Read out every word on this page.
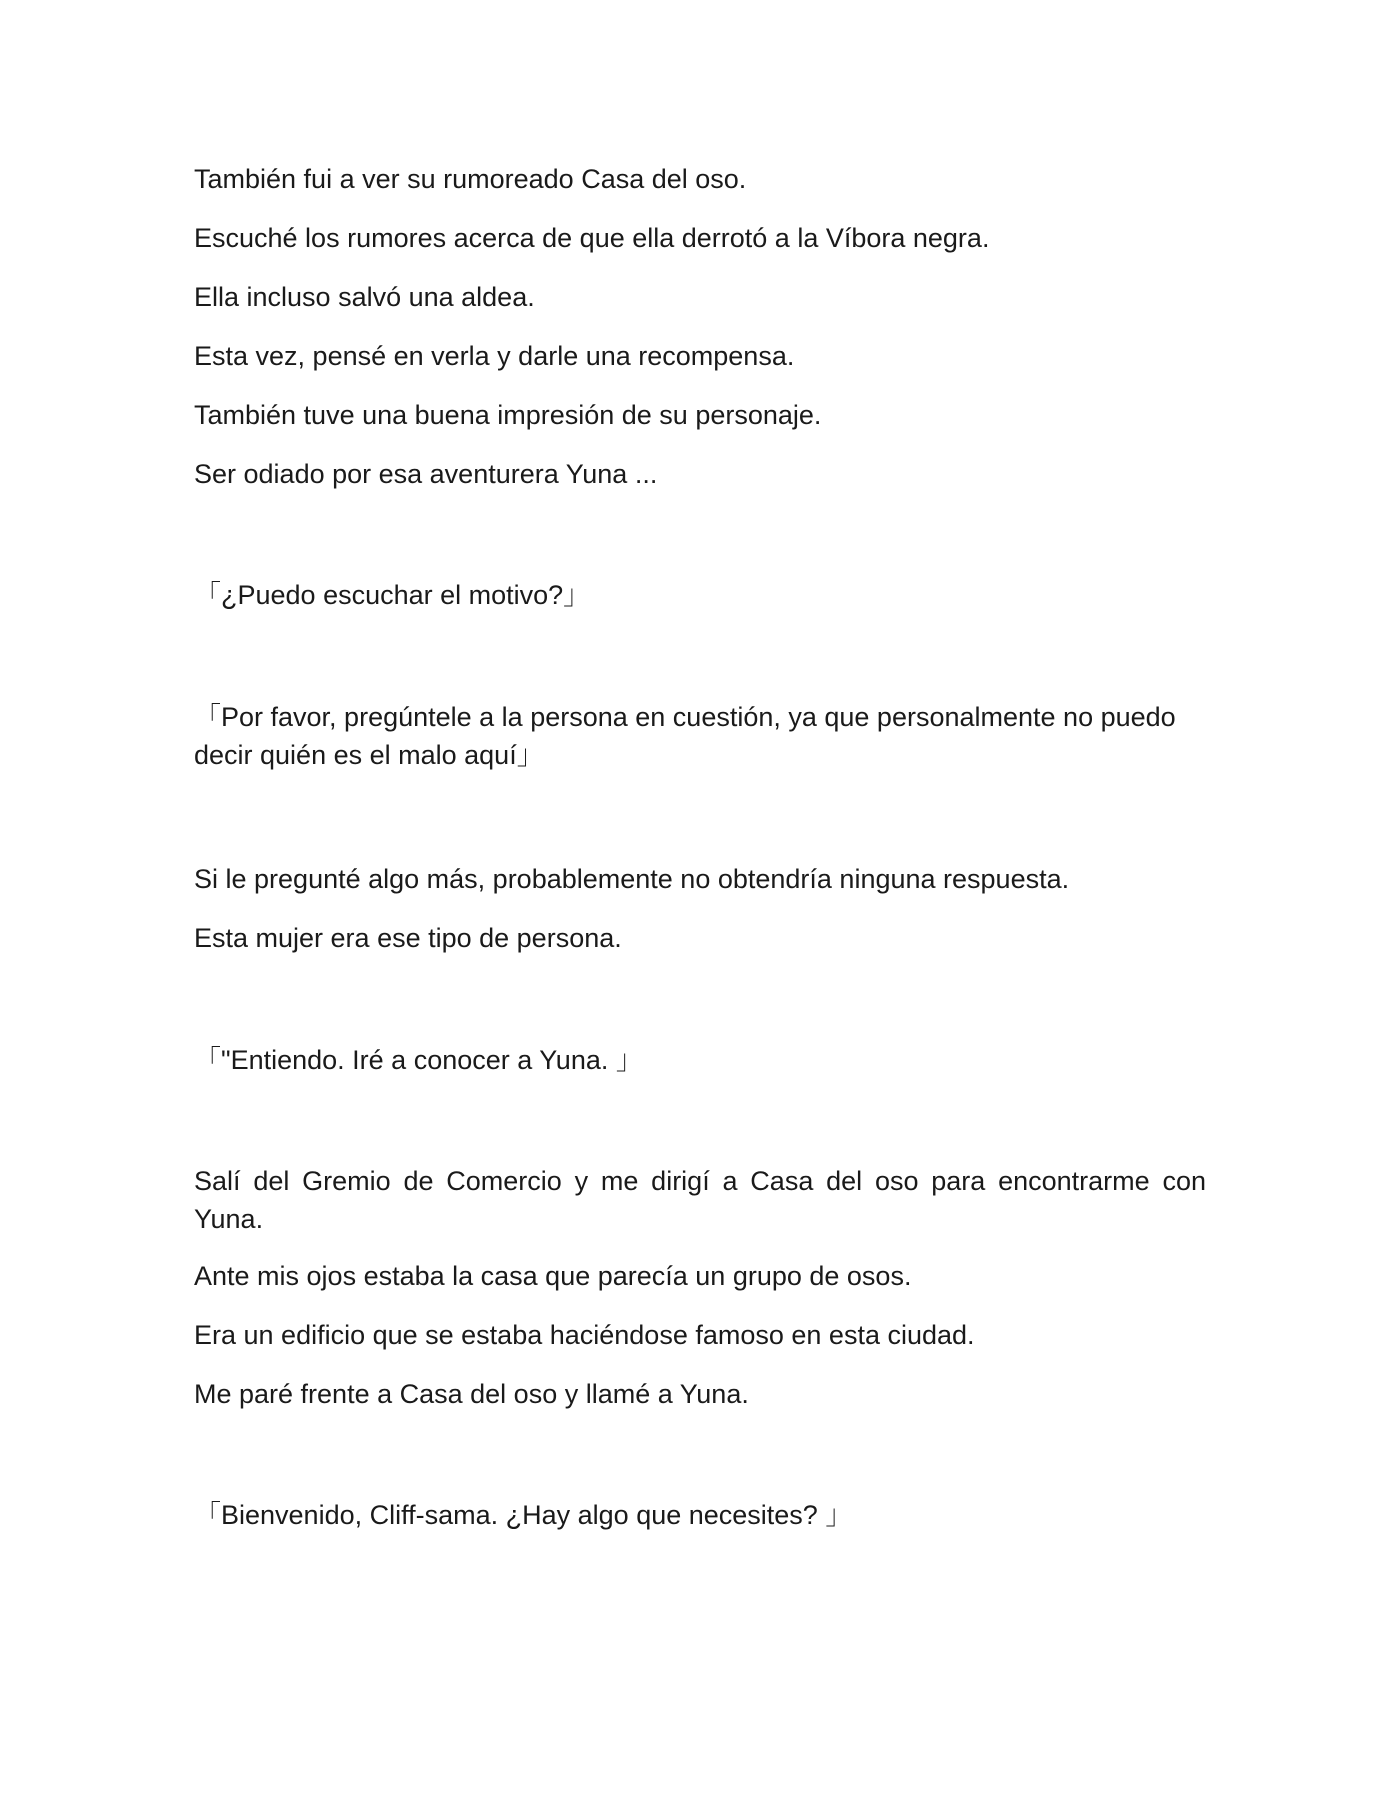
También fui a ver su rumoreado Casa del oso.

Escuché los rumores acerca de que ella derrotó a la Víbora negra.

Ella incluso salvó una aldea.

Esta vez, pensé en verla y darle una recompensa.

También tuve una buena impresión de su personaje.

Ser odiado por esa aventurera Yuna ...

「¿Puedo escuchar el motivo?」

「Por favor, pregúntele a la persona en cuestión, ya que personalmente no puedo decir quién es el malo aquí」

Si le pregunté algo más, probablemente no obtendría ninguna respuesta.

Esta mujer era ese tipo de persona.

「"Entiendo. Iré a conocer a Yuna. 」

Salí del Gremio de Comercio y me dirigí a Casa del oso para encontrarme con Yuna.

Ante mis ojos estaba la casa que parecía un grupo de osos.

Era un edificio que se estaba haciéndose famoso en esta ciudad.

Me paré frente a Casa del oso y llamé a Yuna.

「Bienvenido, Cliff-sama. ¿Hay algo que necesites? 」
